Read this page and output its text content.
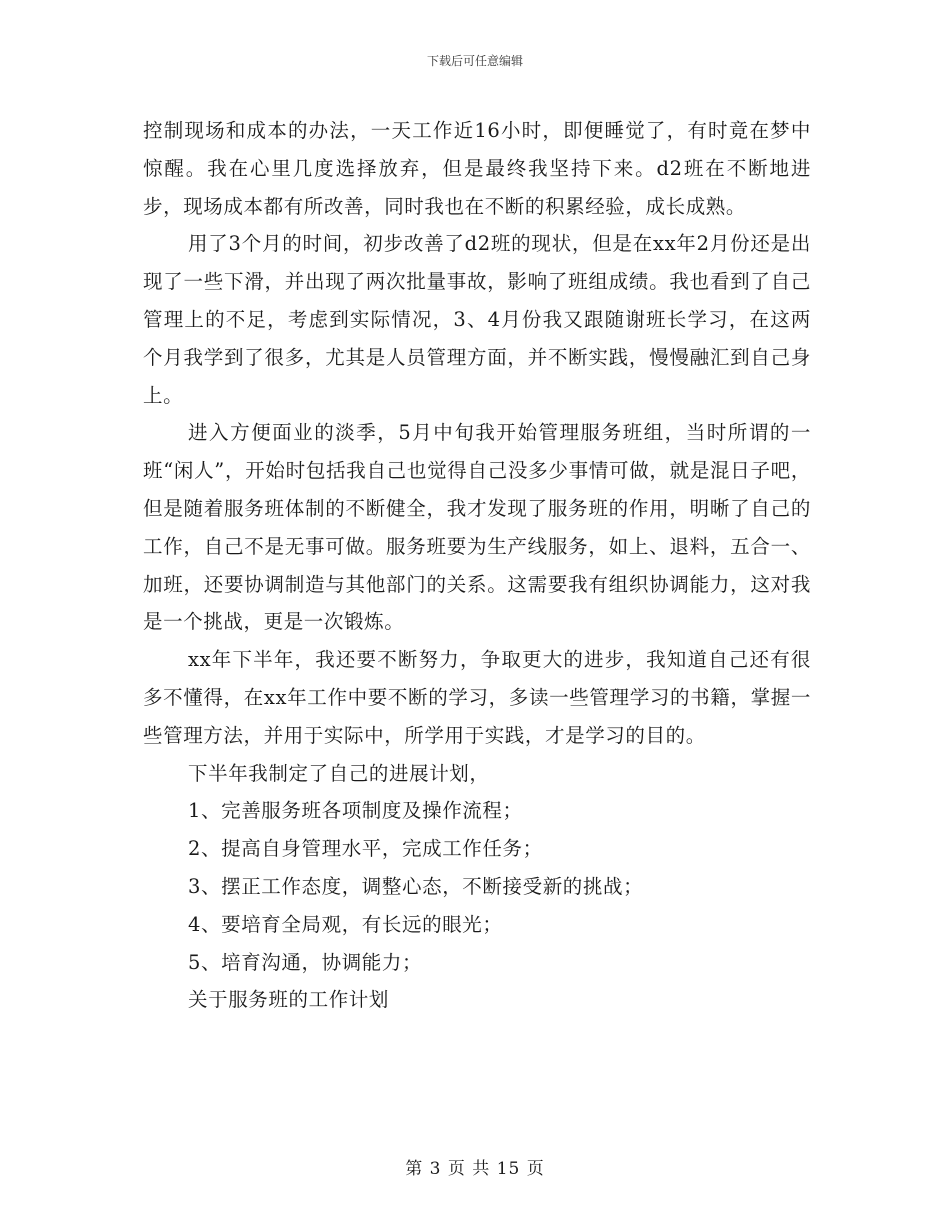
下载后可任意编辑

控制现场和成本的办法，一天工作近16小时，即便睡觉了，有时竟在梦中惊醒。我在心里几度选择放弃，但是最终我坚持下来。d2班在不断地进步，现场成本都有所改善，同时我也在不断的积累经验，成长成熟。

用了3个月的时间，初步改善了d2班的现状，但是在xx年2月份还是出现了一些下滑，并出现了两次批量事故，影响了班组成绩。我也看到了自己管理上的不足，考虑到实际情况，3、4月份我又跟随谢班长学习，在这两个月我学到了很多，尤其是人员管理方面，并不断实践，慢慢融汇到自己身上。

进入方便面业的淡季，5月中旬我开始管理服务班组，当时所谓的一班“闲人”，开始时包括我自己也觉得自己没多少事情可做，就是混日子吧，但是随着服务班体制的不断健全，我才发现了服务班的作用，明晰了自己的工作，自己不是无事可做。服务班要为生产线服务，如上、退料，五合一、加班，还要协调制造与其他部门的关系。这需要我有组织协调能力，这对我是一个挑战，更是一次锻炼。

xx年下半年，我还要不断努力，争取更大的进步，我知道自己还有很多不懂得，在xx年工作中要不断的学习，多读一些管理学习的书籍，掌握一些管理方法，并用于实际中，所学用于实践，才是学习的目的。

下半年我制定了自己的进展计划，

1、完善服务班各项制度及操作流程；

2、提高自身管理水平，完成工作任务；

3、摆正工作态度，调整心态，不断接受新的挑战；

4、要培育全局观，有长远的眼光；

5、培育沟通，协调能力；

关于服务班的工作计划

第 3 页 共 15 页
